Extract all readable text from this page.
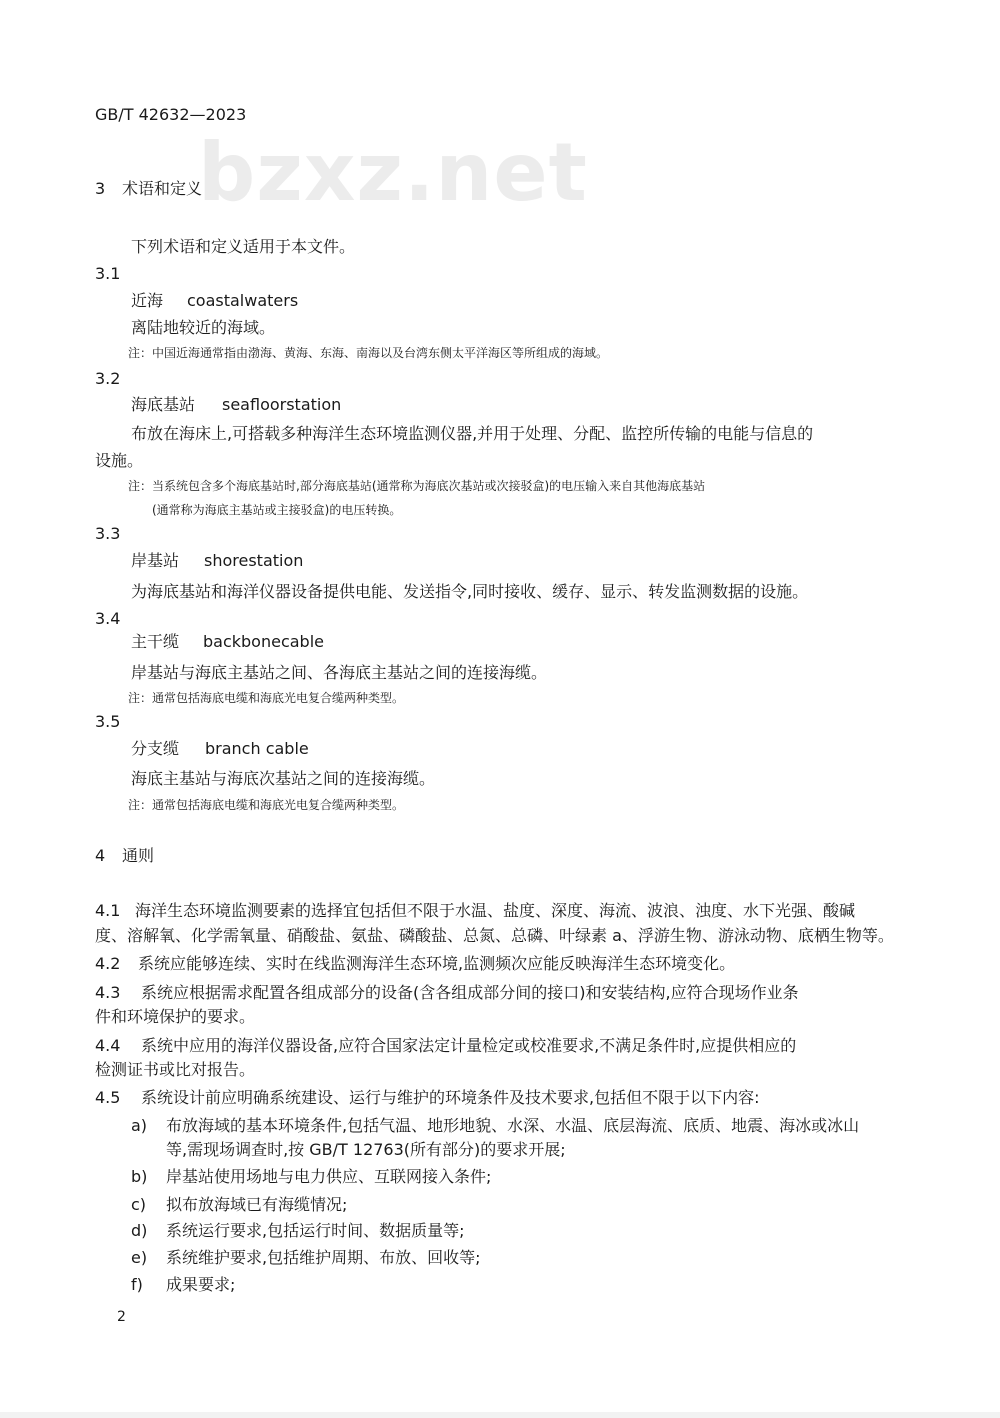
bzxz.net
GB/T 42632—2023
3 术语和定义
下列术语和定义适用于本文件。
3.1
近海 coastalwaters
离陆地较近的海域。
注：中国近海通常指由渤海、黄海、东海、南海以及台湾东侧太平洋海区等所组成的海域。
3.2
海底基站 seafloorstation
布放在海床上,可搭载多种海洋生态环境监测仪器,并用于处理、分配、监控所传输的电能与信息的
设施。
注：当系统包含多个海底基站时,部分海底基站(通常称为海底次基站或次接驳盒)的电压输入来自其他海底基站
(通常称为海底主基站或主接驳盒)的电压转换。
3.3
岸基站 shorestation
为海底基站和海洋仪器设备提供电能、发送指令,同时接收、缓存、显示、转发监测数据的设施。
3.4
主干缆 backbonecable
岸基站与海底主基站之间、各海底主基站之间的连接海缆。
注：通常包括海底电缆和海底光电复合缆两种类型。
3.5
分支缆 branch cable
海底主基站与海底次基站之间的连接海缆。
注：通常包括海底电缆和海底光电复合缆两种类型。
4 通则
4.1 海洋生态环境监测要素的选择宜包括但不限于水温、盐度、深度、海流、波浪、浊度、水下光强、酸碱
度、溶解氧、化学需氧量、硝酸盐、氨盐、磷酸盐、总氮、总磷、叶绿素 a、浮游生物、游泳动物、底栖生物等。
4.2 系统应能够连续、实时在线监测海洋生态环境,监测频次应能反映海洋生态环境变化。
4.3 系统应根据需求配置各组成部分的设备(含各组成部分间的接口)和安装结构,应符合现场作业条
件和环境保护的要求。
4.4 系统中应用的海洋仪器设备,应符合国家法定计量检定或校准要求,不满足条件时,应提供相应的
检测证书或比对报告。
4.5 系统设计前应明确系统建设、运行与维护的环境条件及技术要求,包括但不限于以下内容:
a) 布放海域的基本环境条件,包括气温、地形地貌、水深、水温、底层海流、底质、地震、海冰或冰山
等,需现场调查时,按 GB/T 12763(所有部分)的要求开展;
b) 岸基站使用场地与电力供应、互联网接入条件;
c) 拟布放海域已有海缆情况;
d) 系统运行要求,包括运行时间、数据质量等;
e) 系统维护要求,包括维护周期、布放、回收等;
f) 成果要求;
2
